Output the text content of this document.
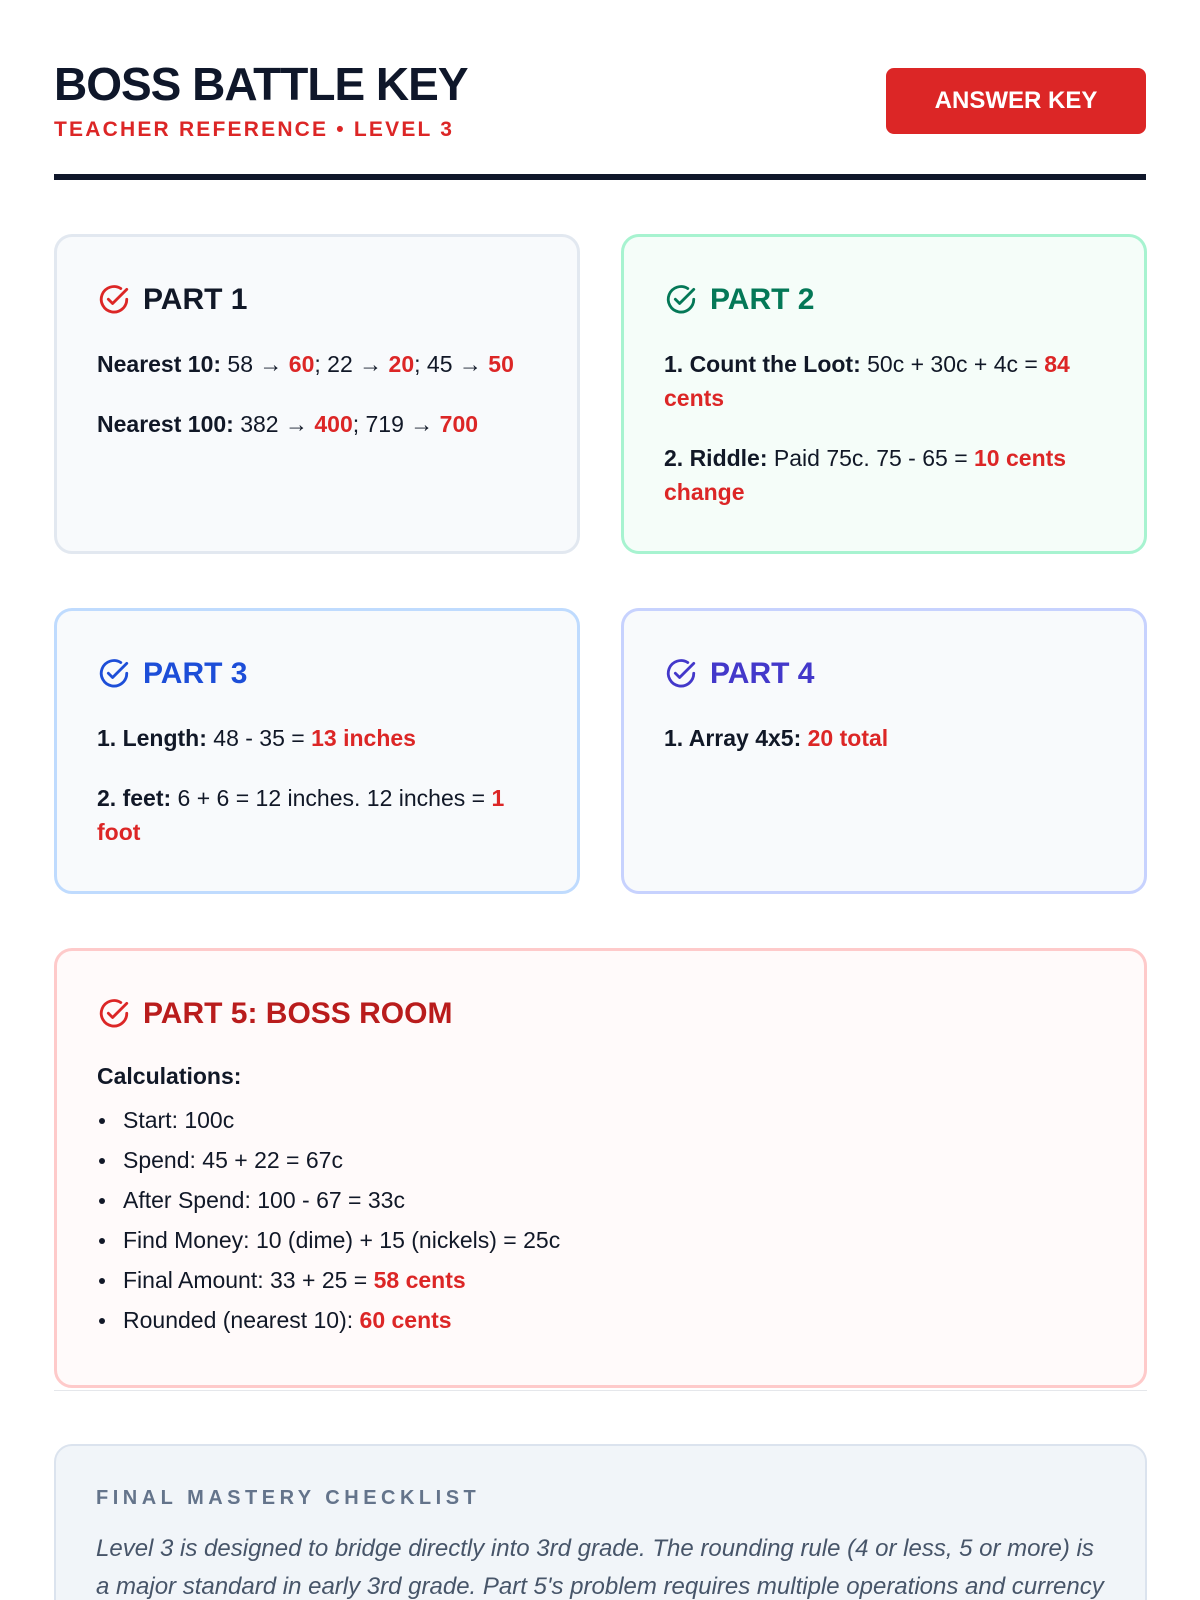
BOSS BATTLE KEY
TEACHER REFERENCE • LEVEL 3
ANSWER KEY
PART 1
Nearest 10: 58 → 60; 22 → 20; 45 → 50
Nearest 100: 382 → 400; 719 → 700
PART 2
1. Count the Loot: 50c + 30c + 4c = 84 cents
2. Riddle: Paid 75c. 75 - 65 = 10 cents change
PART 3
1. Length: 48 - 35 = 13 inches
2. feet: 6 + 6 = 12 inches. 12 inches = 1 foot
PART 4
1. Array 4x5: 20 total
PART 5: BOSS ROOM
Calculations:
Start: 100c
Spend: 45 + 22 = 67c
After Spend: 100 - 67 = 33c
Find Money: 10 (dime) + 15 (nickels) = 25c
Final Amount: 33 + 25 = 58 cents
Rounded (nearest 10): 60 cents
FINAL MASTERY CHECKLIST
Level 3 is designed to bridge directly into 3rd grade. The rounding rule (4 or less, 5 or more) is a major standard in early 3rd grade. Part 5's problem requires multiple operations and currency
